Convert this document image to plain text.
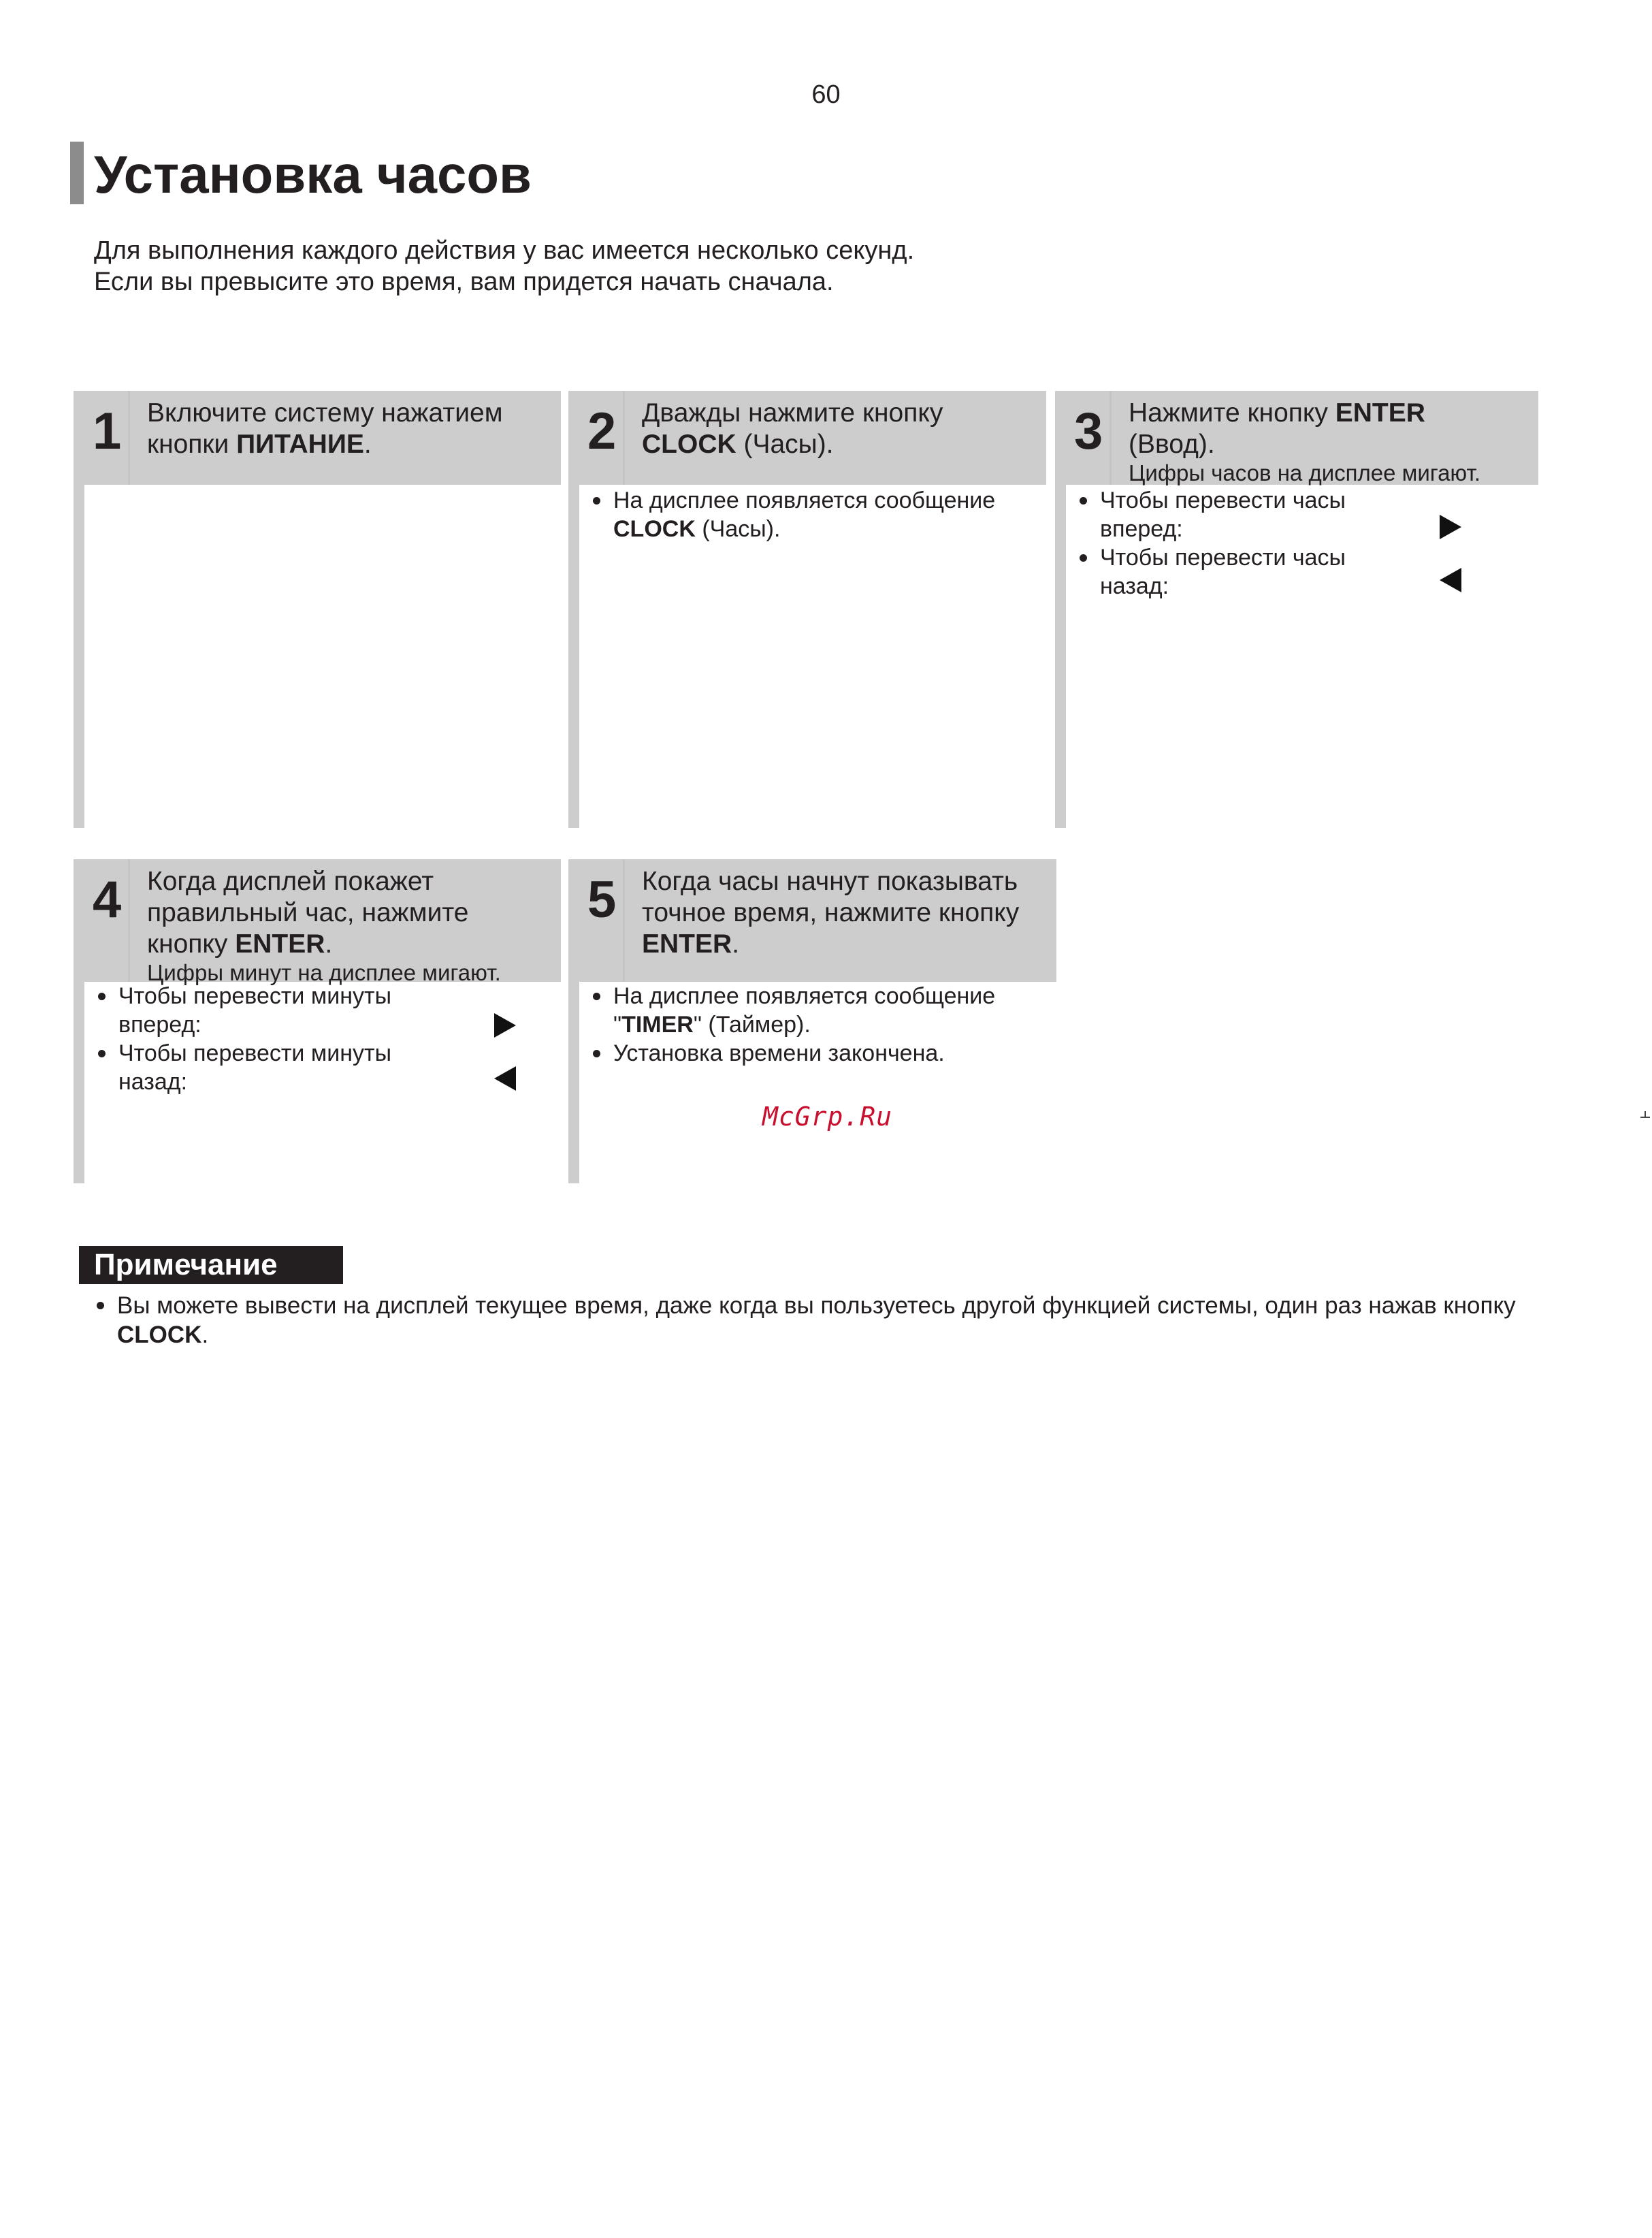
60
Установка часов
Для выполнения каждого действия у вас имеется несколько секунд.
Если вы превысите это время, вам придется начать сначала.
1 Включите систему нажатием
кнопки ПИТАНИЕ.	2 Дважды нажмите кнопку
CLOCK (Часы).
На дисплее появляется сообщение
CLOCK (Часы).
3 Нажмите кнопку ENTER
(Ввод).
Цифры часов на дисплее мигают.
Чтобы перевести часы
вперед:
Чтобы перевести часы
назад:
4 Когда дисплей покажет
правильный час, нажмите
кнопку ENTER.
Цифры минут на дисплее мигают.
Чтобы перевести минуты
вперед:
Чтобы перевести минуты
назад:
5 Когда часы начнут показывать
точное время, нажмите кнопку
ENTER.
На дисплее появляется сообщение
"TIMER" (Таймер).
Установка времени закончена.
McGrp.Ru
Примечание
Вы можете вывести на дисплей текущее время, даже когда вы пользуетесь другой функцией системы, один раз нажав кнопку CLOCK.
